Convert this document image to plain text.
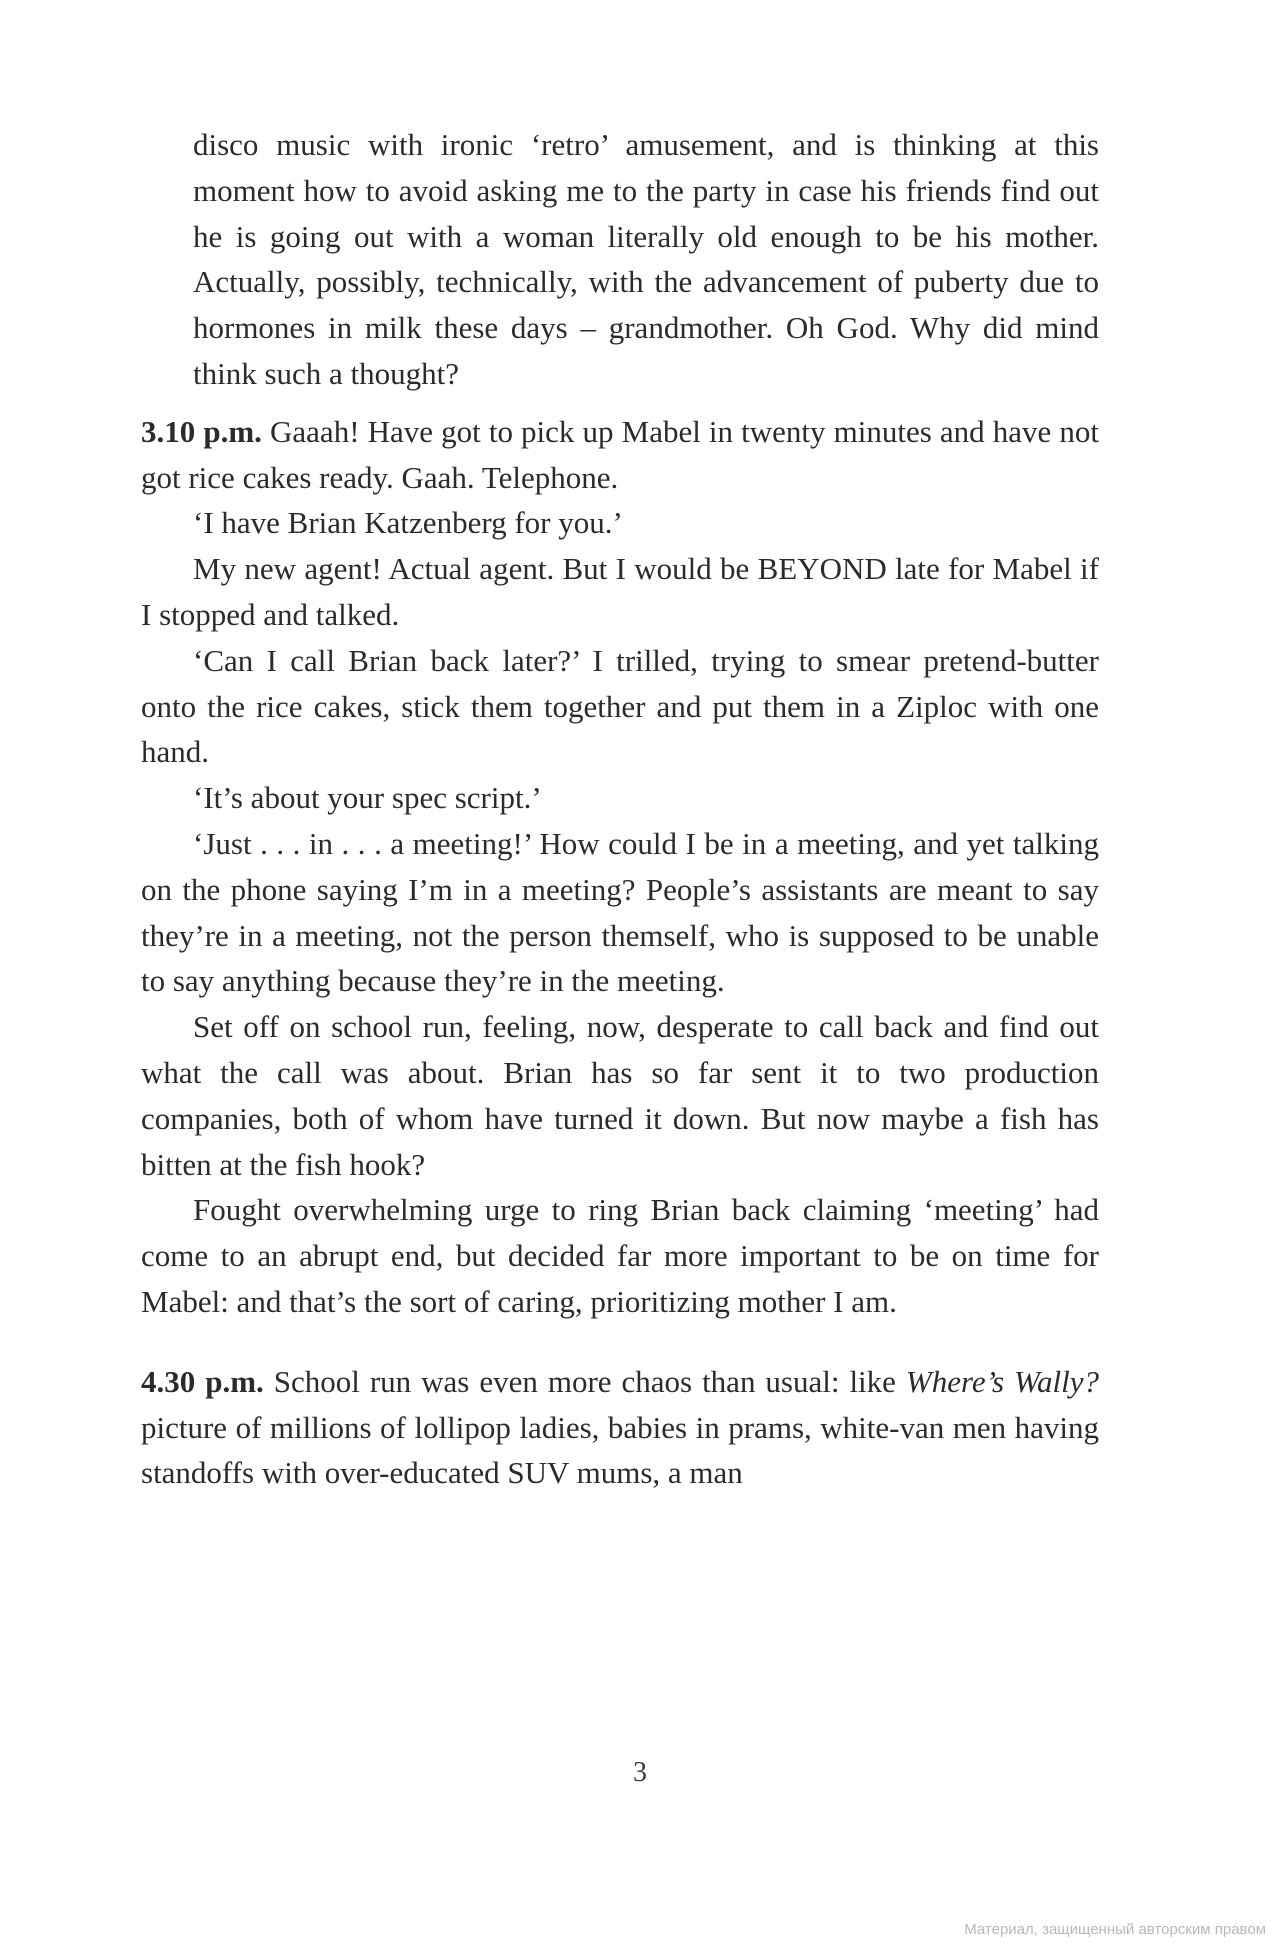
disco music with ironic ‘retro’ amusement, and is thinking at this moment how to avoid asking me to the party in case his friends find out he is going out with a woman literally old enough to be his mother. Actually, possibly, technically, with the advancement of puberty due to hormones in milk these days – grandmother. Oh God. Why did mind think such a thought?

3.10 p.m. Gaaah! Have got to pick up Mabel in twenty minutes and have not got rice cakes ready. Gaah. Telephone.

‘I have Brian Katzenberg for you.’

My new agent! Actual agent. But I would be BEYOND late for Mabel if I stopped and talked.

‘Can I call Brian back later?’ I trilled, trying to smear pretend-butter onto the rice cakes, stick them together and put them in a Ziploc with one hand.

‘It’s about your spec script.’

‘Just . . . in . . . a meeting!’ How could I be in a meeting, and yet talking on the phone saying I’m in a meeting? People’s assistants are meant to say they’re in a meeting, not the person themself, who is supposed to be unable to say anything because they’re in the meeting.

Set off on school run, feeling, now, desperate to call back and find out what the call was about. Brian has so far sent it to two production companies, both of whom have turned it down. But now maybe a fish has bitten at the fish hook?

Fought overwhelming urge to ring Brian back claiming ‘meeting’ had come to an abrupt end, but decided far more important to be on time for Mabel: and that’s the sort of caring, prioritizing mother I am.

4.30 p.m. School run was even more chaos than usual: like Where’s Wally? picture of millions of lollipop ladies, babies in prams, white-van men having standoffs with over-educated SUV mums, a man

3
Материал, защищенный авторским правом
